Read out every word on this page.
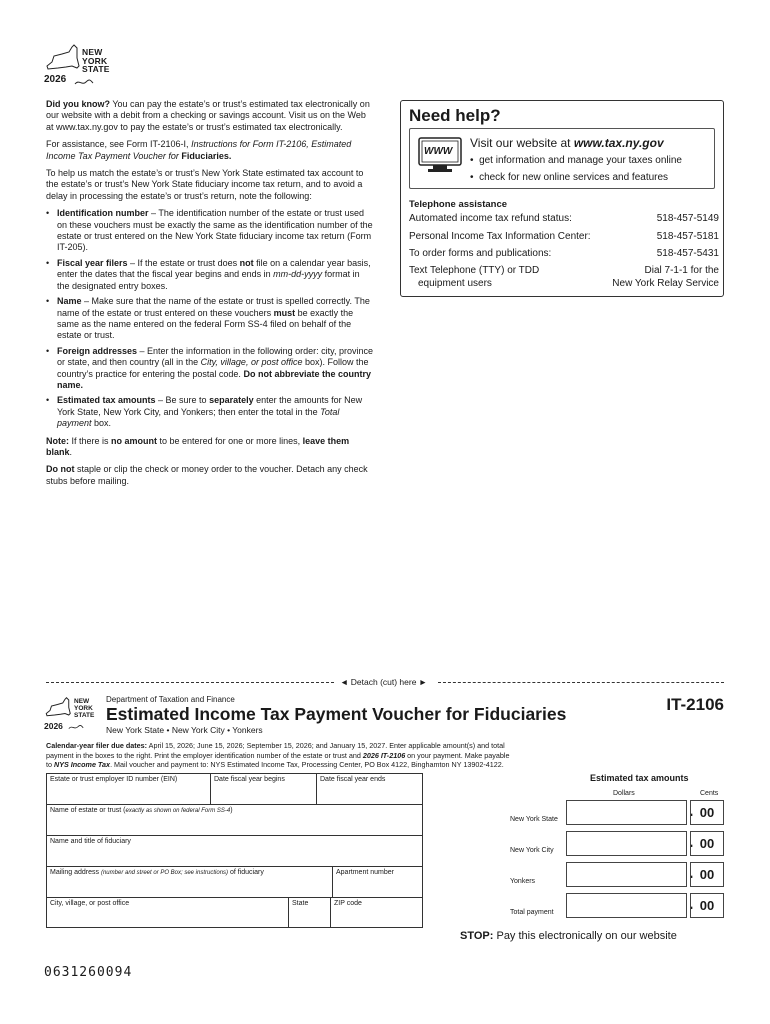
NEW
YORK
STATE
2026

Did you know? You can pay the estate’s or trust’s estimated tax electronically on our website with a debit from a checking or savings account. Visit us on the Web at www.tax.ny.gov to pay the estate’s or trust’s estimated tax electronically.

For assistance, see Form IT-2106-I, Instructions for Form IT-2106, Estimated Income Tax Payment Voucher for Fiduciaries.

To help us match the estate’s or trust’s New York State estimated tax account to the estate’s or trust’s New York State fiduciary income tax return, and to avoid a delay in processing the estate’s or trust’s return, note the following:

• Identification number – The identification number of the estate or trust used on these vouchers must be exactly the same as the identification number of the estate or trust entered on the New York State fiduciary income tax return (Form IT-205).
• Fiscal year filers – If the estate or trust does not file on a calendar year basis, enter the dates that the fiscal year begins and ends in mm-dd-yyyy format in the designated entry boxes.
• Name – Make sure that the name of the estate or trust is spelled correctly. The name of the estate or trust entered on these vouchers must be exactly the same as the name entered on the federal Form SS-4 filed on behalf of the estate or trust.
• Foreign addresses – Enter the information in the following order: city, province or state, and then country (all in the City, village, or post office box). Follow the country’s practice for entering the postal code. Do not abbreviate the country name.
• Estimated tax amounts – Be sure to separately enter the amounts for New York State, New York City, and Yonkers; then enter the total in the Total payment box.

Note: If there is no amount to be entered for one or more lines, leave them blank.

Do not staple or clip the check or money order to the voucher. Detach any check stubs before mailing.

Need help?
WWW
Visit our website at www.tax.ny.gov
•  get information and manage your taxes online
•  check for new online services and features
Telephone assistance
Automated income tax refund status:	518-457-5149
Personal Income Tax Information Center:	518-457-5181
To order forms and publications:	518-457-5431
Text Telephone (TTY) or TDD
equipment users
Dial 7-1-1 for the
New York Relay Service
◄ Detach (cut) here ►
NEW
YORK
STATE
2026
Department of Taxation and Finance
Estimated Income Tax Payment Voucher for Fiduciaries
New York State • New York City • Yonkers
IT-2106
Calendar-year filer due dates: April 15, 2026; June 15, 2026; September 15, 2026; and January 15, 2027. Enter applicable amount(s) and total payment in the boxes to the right. Print the employer identification number of the estate or trust and 2026 IT-2106 on your payment. Make payable to NYS Income Tax. Mail voucher and payment to: NYS Estimated Income Tax, Processing Center, PO Box 4122, Binghamton NY 13902-4122.
Estate or trust employer ID number (EIN)	Date fiscal year begins	Date fiscal year ends
Name of estate or trust (exactly as shown on federal Form SS-4)
Name and title of fiduciary
Mailing address (number and street or PO Box; see instructions) of fiduciary	Apartment number
City, village, or post office	State	ZIP code
Estimated tax amounts
Dollars	Cents
New York State	. 00
New York City	. 00
Yonkers	. 00
Total payment	. 00
STOP: Pay this electronically on our website
0631260094
